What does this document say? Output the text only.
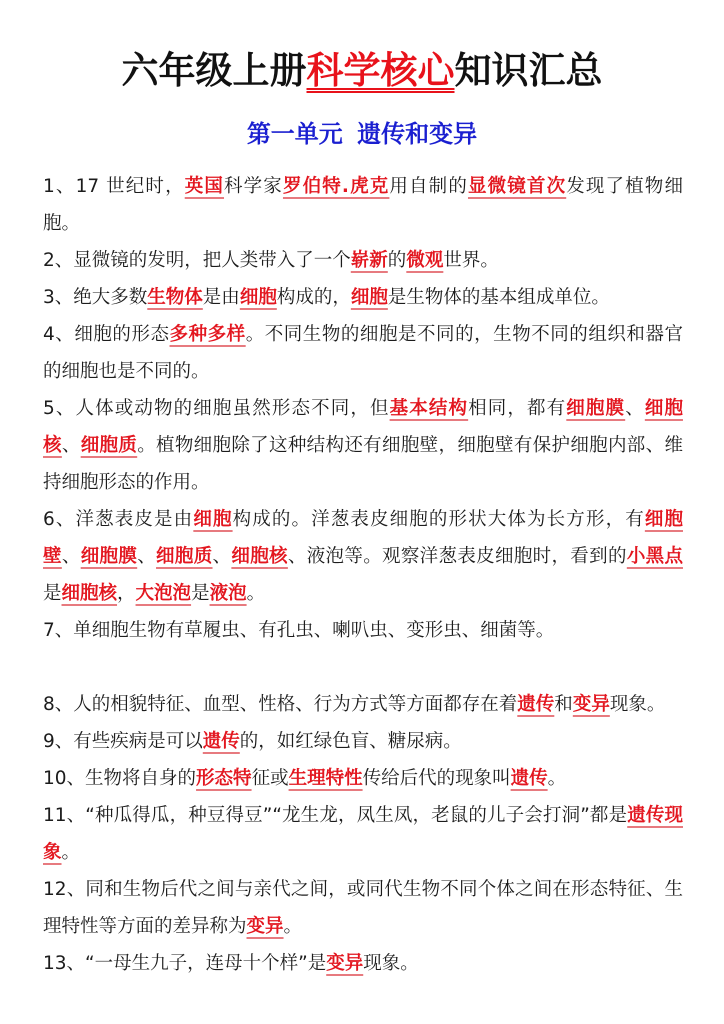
六年级上册科学核心知识汇总
第一单元 遗传和变异

1、17 世纪时，英国科学家罗伯特.虎克用自制的显微镜首次发现了植物细胞。

2、显微镜的发明，把人类带入了一个崭新的微观世界。

3、绝大多数生物体是由细胞构成的，细胞是生物体的基本组成单位。

4、细胞的形态多种多样。不同生物的细胞是不同的，生物不同的组织和器官的细胞也是不同的。

5、人体或动物的细胞虽然形态不同，但基本结构相同，都有细胞膜、细胞核、细胞质。植物细胞除了这种结构还有细胞壁，细胞壁有保护细胞内部、维持细胞形态的作用。

6、洋葱表皮是由细胞构成的。洋葱表皮细胞的形状大体为长方形，有细胞壁、细胞膜、细胞质、细胞核、液泡等。观察洋葱表皮细胞时，看到的小黑点是细胞核，大泡泡是液泡。

7、单细胞生物有草履虫、有孔虫、喇叭虫、变形虫、细菌等。

8、人的相貌特征、血型、性格、行为方式等方面都存在着遗传和变异现象。

9、有些疾病是可以遗传的，如红绿色盲、糖尿病。

10、生物将自身的形态特征或生理特性传给后代的现象叫遗传。

11、“种瓜得瓜，种豆得豆”“龙生龙，凤生凤，老鼠的儿子会打洞”都是遗传现象。

12、同和生物后代之间与亲代之间，或同代生物不同个体之间在形态特征、生理特性等方面的差异称为变异。

13、“一母生九子，连母十个样”是变异现象。
